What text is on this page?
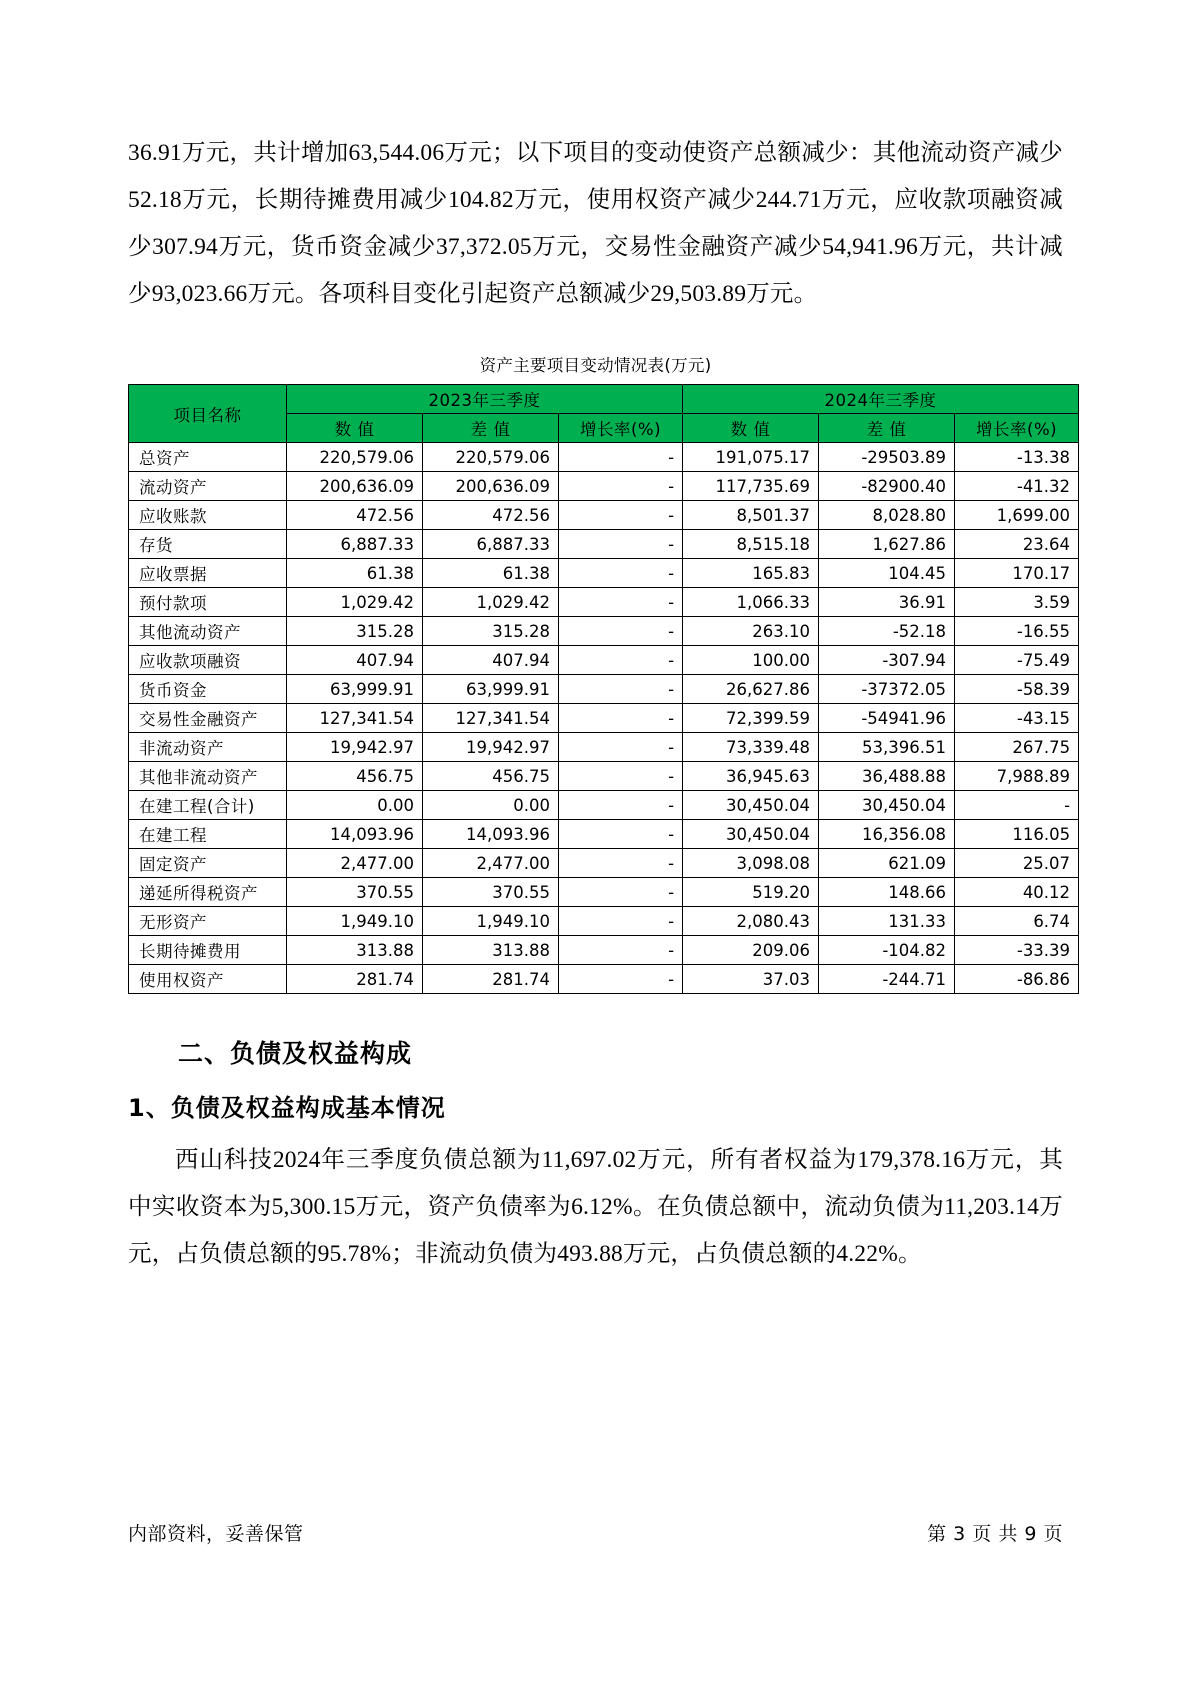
36.91万元，共计增加63,544.06万元；以下项目的变动使资产总额减少：其他流动资产减少52.18万元，长期待摊费用减少104.82万元，使用权资产减少244.71万元，应收款项融资减少307.94万元，货币资金减少37,372.05万元，交易性金融资产减少54,941.96万元，共计减少93,023.66万元。各项科目变化引起资产总额减少29,503.89万元。

资产主要项目变动情况表(万元)
项目名称	2023年三季度			2024年三季度		
	数 值	差 值	增长率(%)	数 值	差 值	增长率(%)
总资产	220,579.06	220,579.06	-	191,075.17	-29503.89	-13.38
流动资产	200,636.09	200,636.09	-	117,735.69	-82900.40	-41.32
应收账款	472.56	472.56	-	8,501.37	8,028.80	1,699.00
存货	6,887.33	6,887.33	-	8,515.18	1,627.86	23.64
应收票据	61.38	61.38	-	165.83	104.45	170.17
预付款项	1,029.42	1,029.42	-	1,066.33	36.91	3.59
其他流动资产	315.28	315.28	-	263.10	-52.18	-16.55
应收款项融资	407.94	407.94	-	100.00	-307.94	-75.49
货币资金	63,999.91	63,999.91	-	26,627.86	-37372.05	-58.39
交易性金融资产	127,341.54	127,341.54	-	72,399.59	-54941.96	-43.15
非流动资产	19,942.97	19,942.97	-	73,339.48	53,396.51	267.75
其他非流动资产	456.75	456.75	-	36,945.63	36,488.88	7,988.89
在建工程(合计)	0.00	0.00	-	30,450.04	30,450.04	-
在建工程	14,093.96	14,093.96	-	30,450.04	16,356.08	116.05
固定资产	2,477.00	2,477.00	-	3,098.08	621.09	25.07
递延所得税资产	370.55	370.55	-	519.20	148.66	40.12
无形资产	1,949.10	1,949.10	-	2,080.43	131.33	6.74
长期待摊费用	313.88	313.88	-	209.06	-104.82	-33.39
使用权资产	281.74	281.74	-	37.03	-244.71	-86.86
二、负债及权益构成
1、负债及权益构成基本情况

西山科技2024年三季度负债总额为11,697.02万元，所有者权益为179,378.16万元，其中实收资本为5,300.15万元，资产负债率为6.12%。在负债总额中，流动负债为11,203.14万元，占负债总额的95.78%；非流动负债为493.88万元，占负债总额的4.22%。

内部资料，妥善保管	第 3 页 共 9 页
